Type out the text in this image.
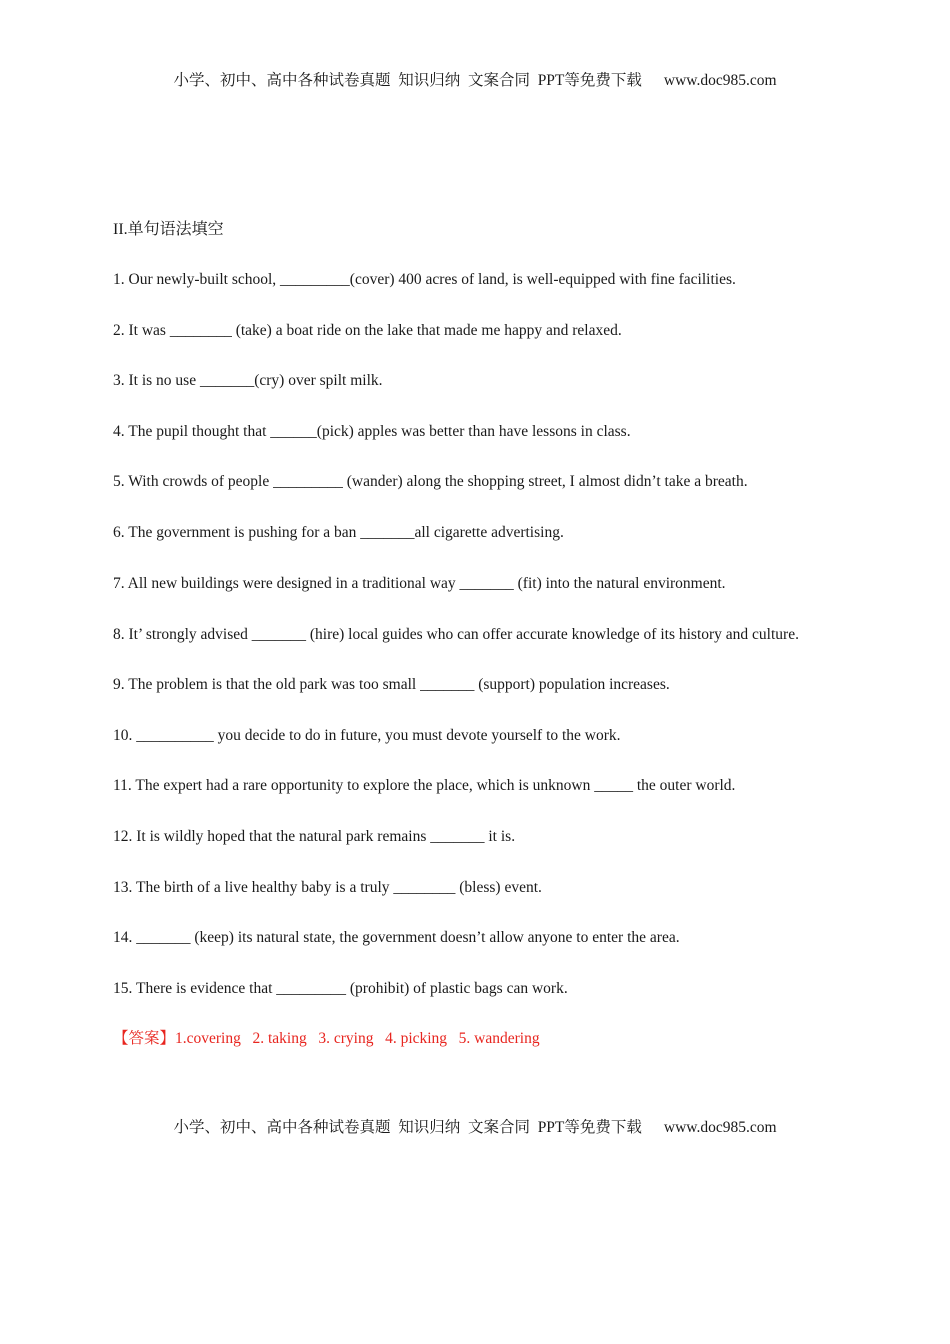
小学、初中、高中各种试卷真题  知识归纳  文案合同  PPT等免费下载 www.doc985.com
II.单句语法填空
1. Our newly-built school, _________(cover) 400 acres of land, is well-equipped with fine facilities.
2. It was ________ (take) a boat ride on the lake that made me happy and relaxed.
3. It is no use _______(cry) over spilt milk.
4. The pupil thought that ______(pick) apples was better than have lessons in class.
5. With crowds of people _________ (wander) along the shopping street, I almost didn’t take a breath.
6. The government is pushing for a ban _______all cigarette advertising.
7. All new buildings were designed in a traditional way _______ (fit) into the natural environment.
8. It’ strongly advised _______ (hire) local guides who can offer accurate knowledge of its history and culture.
9. The problem is that the old park was too small _______ (support) population increases.
10. __________ you decide to do in future, you must devote yourself to the work.
11. The expert had a rare opportunity to explore the place, which is unknown _____ the outer world.
12. It is wildly hoped that the natural park remains _______ it is.
13. The birth of a live healthy baby is a truly ________ (bless) event.
14. _______ (keep) its natural state, the government doesn’t allow anyone to enter the area.
15. There is evidence that _________ (prohibit) of plastic bags can work.
【答案】1.covering   2. taking   3. crying   4. picking   5. wandering
小学、初中、高中各种试卷真题  知识归纳  文案合同  PPT等免费下载 www.doc985.com
